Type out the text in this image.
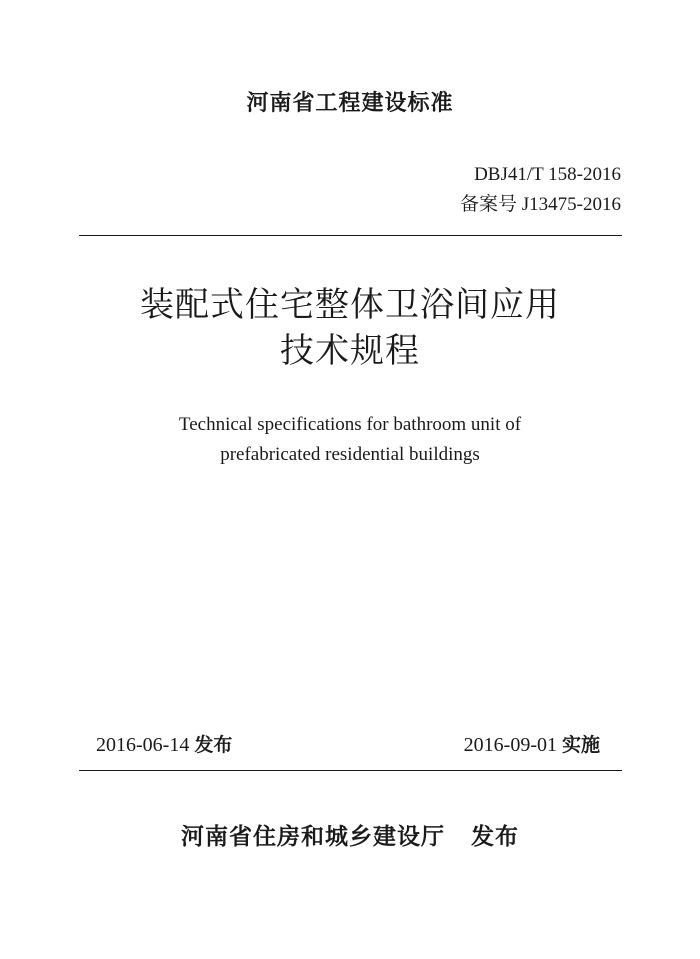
河南省工程建设标准
DBJ41/T 158-2016
备案号 J13475-2016
装配式住宅整体卫浴间应用
技术规程
Technical specifications for bathroom unit of
prefabricated residential buildings
2016-06-14 发布	2016-09-01 实施
河南省住房和城乡建设厅 发布
